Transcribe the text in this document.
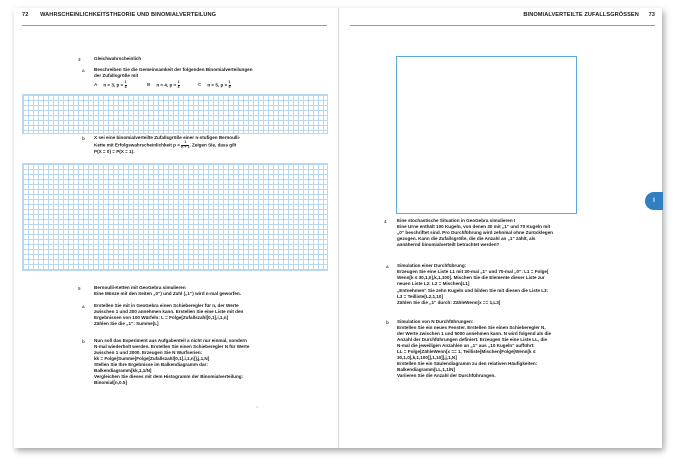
72 WAHRSCHEINLICHKEITSTHEORIE UND BINOMIALVERTEILUNG	BINOMIALVERTEILTE ZUFALLSGRÖSSEN 73
3	Gleichwahrscheinlich
a Beschreiben Sie die Gemeinsamkeit der folgenden Binomialverteilungen
der Zufallsgröße mit
A n = 3, $p = \frac{1}{3}$	B n = 4, $p = \frac{1}{4}$	C n = 5, $p = \frac{1}{5}$
b X sei eine binomialverteilte Zufallsgröße einer n-stufigen Bernoulli-
Kette mit Erfolgswahrscheinlichkeit $p = \frac{1}{n + 1}$ . Zeigen Sie, dass gilt
P(X = 0) = P(X = 1).
5	Bernoulli-Ketten mit GeoGebra simulieren
Eine Münze mit den Seiten „0“) und Zahl („1“) wird n-mal geworfen.
a Erstellen Sie mit in GeoGebra einen Schieberegler für n, der Werte
zwischen 1 und 200 annehmen kann. Erstellen Sie eine Liste mit den
Ergebnissen von 100 Würfeln: L = Folge[Zufallszahl[0,1],i,1,n]
Zählen Sie die „1“: Summe[L]
b Nun soll das Experiment aus Aufgabenteil a nicht nur einmal, sondern
N-mal wiederholt werden. Erstellen Sie einen Schieberegler N für Werte
zwischen 1 und 2000. Erzeugen Sie N Wurfserien:
kk = Folge[Summe[Folge[Zufallszahl[0,1],i,1,n]],j,1,N]
Stellen Sie Ihre Ergebnisse im Balkendiagramm dar:
Balkendiagramm[kk,1,1/N]
Vergleichen Sie dieses mit dem Histogramm der Binomialverteilung:
Binomial[n,0.5]
○
I
4 Eine stochastische Situation in GeoGebra simulieren I
Eine Urne enthält 100 Kugeln, von denen 30 mit „1“ und 70 Kugeln mit
„0“ beschriftet sind. Pro Durchführung wird zehnmal ohne Zurücklegen
gezogen. Kann die Zufallsgröße, die die Anzahl an „1“ zählt, als
annähernd binomialverteilt betrachtet werden?
a Simulation einer Durchführung:
Erzeugen Sie eine Liste L1 mit 30-mal „1“ und 70-mal „0“: L1 = Folge[
Wenn[k ≤ 30,1,0],k,1,100]. Mischen Sie die Elemente dieser Liste zur
neuen Liste L2: L2 = Mischen[L1]
„Entnehmen“ Sie zehn Kugeln und bilden Sie mit diesen die Liste L3:
L3 = Teilliste[L2,1,10]
Zählen Sie die „1“ durch: ZähleWenn[x == 1,L3]
b Simulation von N Durchführungen:
Erstellen Sie ein neues Fenster. Erstellen Sie einen Schieberegler N,
der Werte zwischen 1 und 5000 annehmen kann. N wird folgend als die
Anzahl der Durchführungen definiert. Erzeugen Sie eine Liste LL, die
N-mal die jeweiligen Anzahlen an „1“ aus „10 Kugeln“ aufführt:
LL = Folge[ZähleWenn[x == 1, Teilliste[Mischen[Folge[Wenn[k ≤
30,1,0],k,1,100]],1,10]],j,1,N]
Erstellen Sie ein Säulendiagramm zu den relativen Häufigkeiten:
Balkendiagramm[LL,1,1/N]
Variieren Sie die Anzahl der Durchführungen.
